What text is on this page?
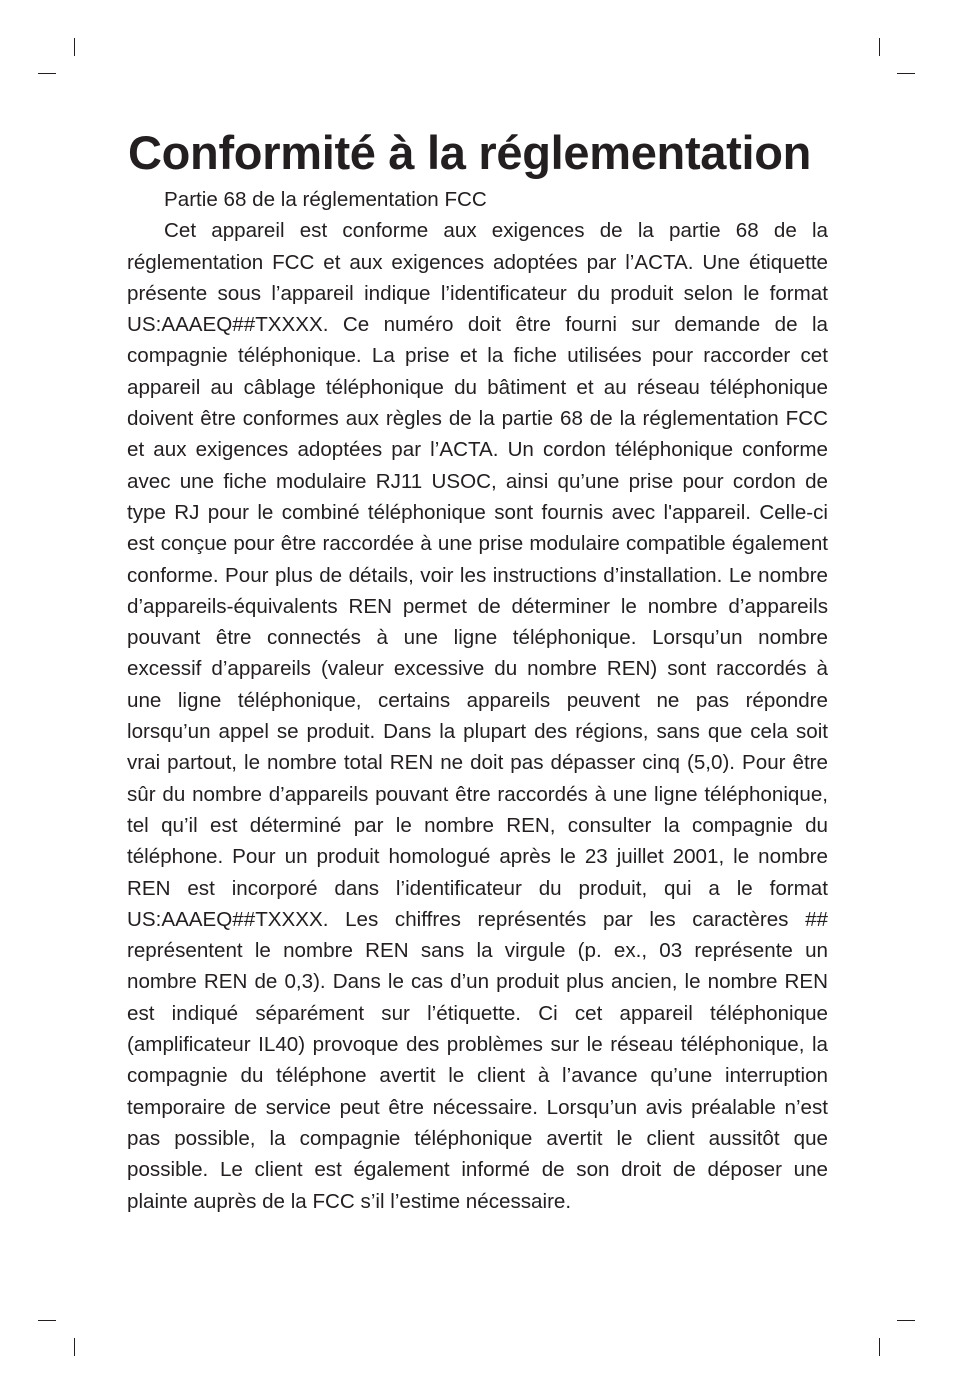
Conformité à la réglementation

Partie 68 de la réglementation FCC

Cet appareil est conforme aux exigences de la partie 68 de la réglementation FCC et aux exigences adoptées par l’ACTA. Une étiquette présente sous l’appareil indique l’identificateur du produit selon le format US:AAAEQ##TXXXX. Ce numéro doit être fourni sur demande de la compagnie téléphonique. La prise et la fiche utilisées pour raccorder cet appareil au câblage téléphonique du bâtiment et au réseau téléphonique doivent être conformes aux règles de la partie 68 de la réglementation FCC et aux exigences adoptées par l’ACTA. Un cordon téléphonique conforme avec une fiche modulaire RJ11 USOC, ainsi qu’une prise pour cordon de type RJ pour le combiné téléphonique sont fournis avec l'appareil. Celle-ci est conçue pour être raccordée à une prise modulaire compatible également conforme. Pour plus de détails, voir les instructions d’installation. Le nombre d’appareils-équivalents REN permet de déterminer le nombre d’appareils pouvant être connectés à une ligne téléphonique. Lorsqu’un nombre excessif d’appareils (valeur excessive du nombre REN) sont raccordés à une ligne téléphonique, certains appareils peuvent ne pas répondre lorsqu’un appel se produit. Dans la plupart des régions, sans que cela soit vrai partout, le nombre total REN ne doit pas dépasser cinq (5,0). Pour être sûr du nombre d’appareils pouvant être raccordés à une ligne téléphonique, tel qu’il est déterminé par le nombre REN, consulter la compagnie du téléphone. Pour un produit homologué après le 23 juillet 2001, le nombre REN est incorporé dans l’identificateur du produit, qui a le format US:AAAEQ##TXXXX. Les chiffres représentés par les caractères ## représentent le nombre REN sans la virgule (p. ex., 03 représente un nombre REN de 0,3). Dans le cas d’un produit plus ancien, le nombre REN est indiqué séparément sur l’étiquette. Ci cet appareil téléphonique (amplificateur IL40) provoque des problèmes sur le réseau téléphonique, la compagnie du téléphone avertit le client à l’avance qu’une interruption temporaire de service peut être nécessaire. Lorsqu’un avis préalable n’est pas possible, la compagnie téléphonique avertit le client aussitôt que possible. Le client est également informé de son droit de déposer une plainte auprès de la FCC s’il l’estime nécessaire.
